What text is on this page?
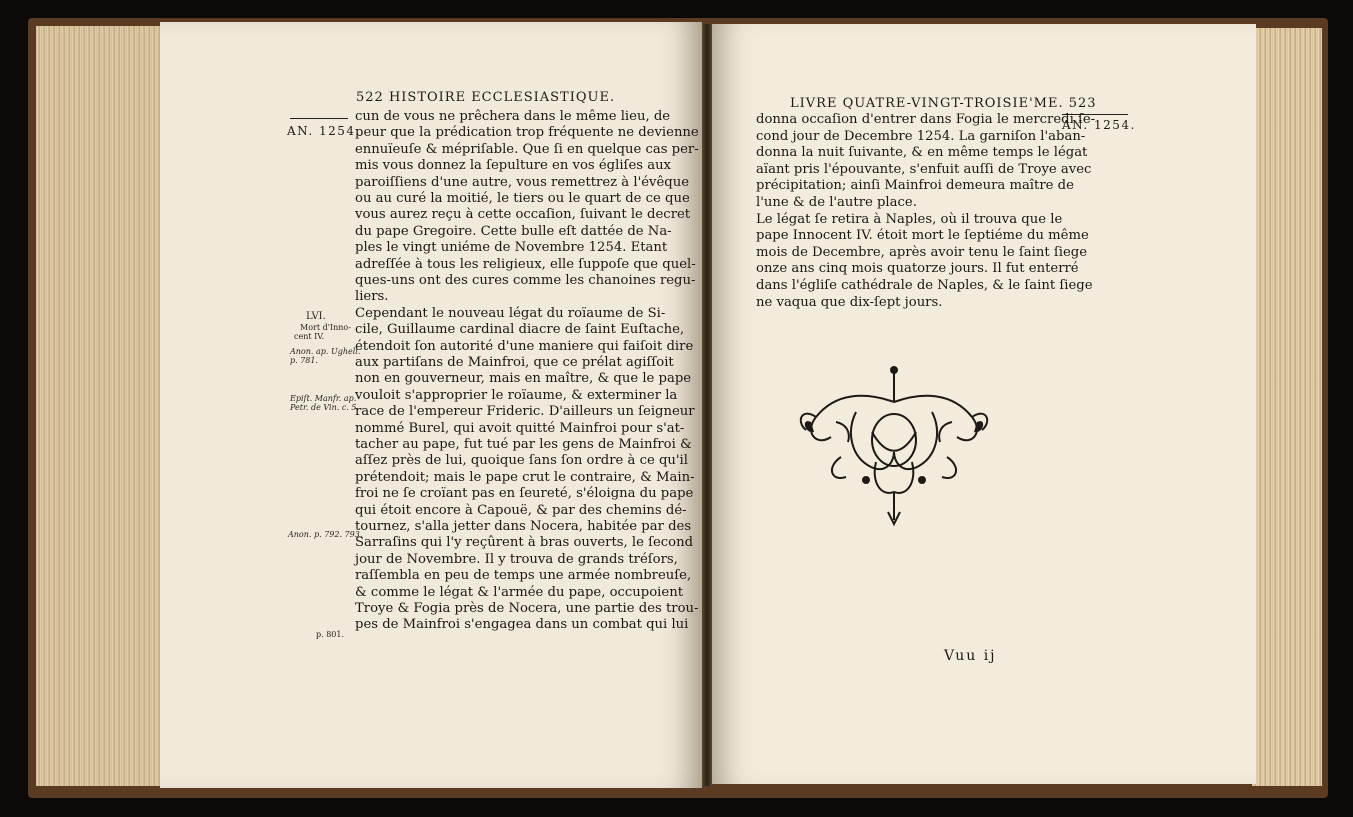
522 HISTOIRE ECCLESIASTIQUE.
AN. 1254.
cun de vous ne prêchera dans le même lieu, de
peur que la prédication trop fréquente ne devienne
ennuïeuſe & mépriſable. Que ſi en quelque cas per-
mis vous donnez la ſepulture en vos égliſes aux
paroiſſiens d'une autre, vous remettrez à l'évêque
ou au curé la moitié, le tiers ou le quart de ce que
vous aurez reçu à cette occaſion, ſuivant le decret
du pape Gregoire. Cette bulle eſt dattée de Na-
ples le vingt uniéme de Novembre 1254. Etant
adreſſée à tous les religieux, elle ſuppoſe que quel-
ques-uns ont des cures comme les chanoines regu-
liers.
Cependant le nouveau légat du roïaume de Si-
cile, Guillaume cardinal diacre de ſaint Euſtache,
étendoit ſon autorité d'une maniere qui faiſoit dire
aux partiſans de Mainfroi, que ce prélat agiſſoit
non en gouverneur, mais en maître, & que le pape
vouloit s'approprier le roïaume, & exterminer la
race de l'empereur Frideric. D'ailleurs un ſeigneur
nommé Burel, qui avoit quitté Mainfroi pour s'at-
tacher au pape, fut tué par les gens de Mainfroi &
aſſez près de lui, quoique ſans ſon ordre à ce qu'il
prétendoit; mais le pape crut le contraire, & Main-
froi ne ſe croïant pas en ſeureté, s'éloigna du pape
qui étoit encore à Capouë, & par des chemins dé-
tournez, s'alla jetter dans Nocera, habitée par des
Sarraſins qui l'y reçûrent à bras ouverts, le ſecond
jour de Novembre. Il y trouva de grands tréſors,
raſſembla en peu de temps une armée nombreuſe,
& comme le légat & l'armée du pape, occupoient
Troye & Fogia près de Nocera, une partie des trou-
pes de Mainfroi s'engagea dans un combat qui lui
LVI.
Mort d'Inno-
cent IV.
Anon. ap. Ughell.
p. 781.
Epiſt. Manfr. ap.
Petr. de Vin. c. 5.
Anon. p. 792. 793.
p. 801.
LIVRE QUATRE-VINGT-TROISIE'ME. 523
AN. 1254.
donna occaſion d'entrer dans Fogia le mercredi ſe-
cond jour de Decembre 1254. La garniſon l'aban-
donna la nuit ſuivante, & en même temps le légat
aïant pris l'épouvante, s'enfuit auſſi de Troye avec
précipitation; ainſi Mainfroi demeura maître de
l'une & de l'autre place.
Le légat ſe retira à Naples, où il trouva que le
pape Innocent IV. étoit mort le ſeptiéme du même
mois de Decembre, après avoir tenu le ſaint ſiege
onze ans cinq mois quatorze jours. Il fut enterré
dans l'égliſe cathédrale de Naples, & le ſaint ſiege
ne vaqua que dix-ſept jours.
Vuu ij
